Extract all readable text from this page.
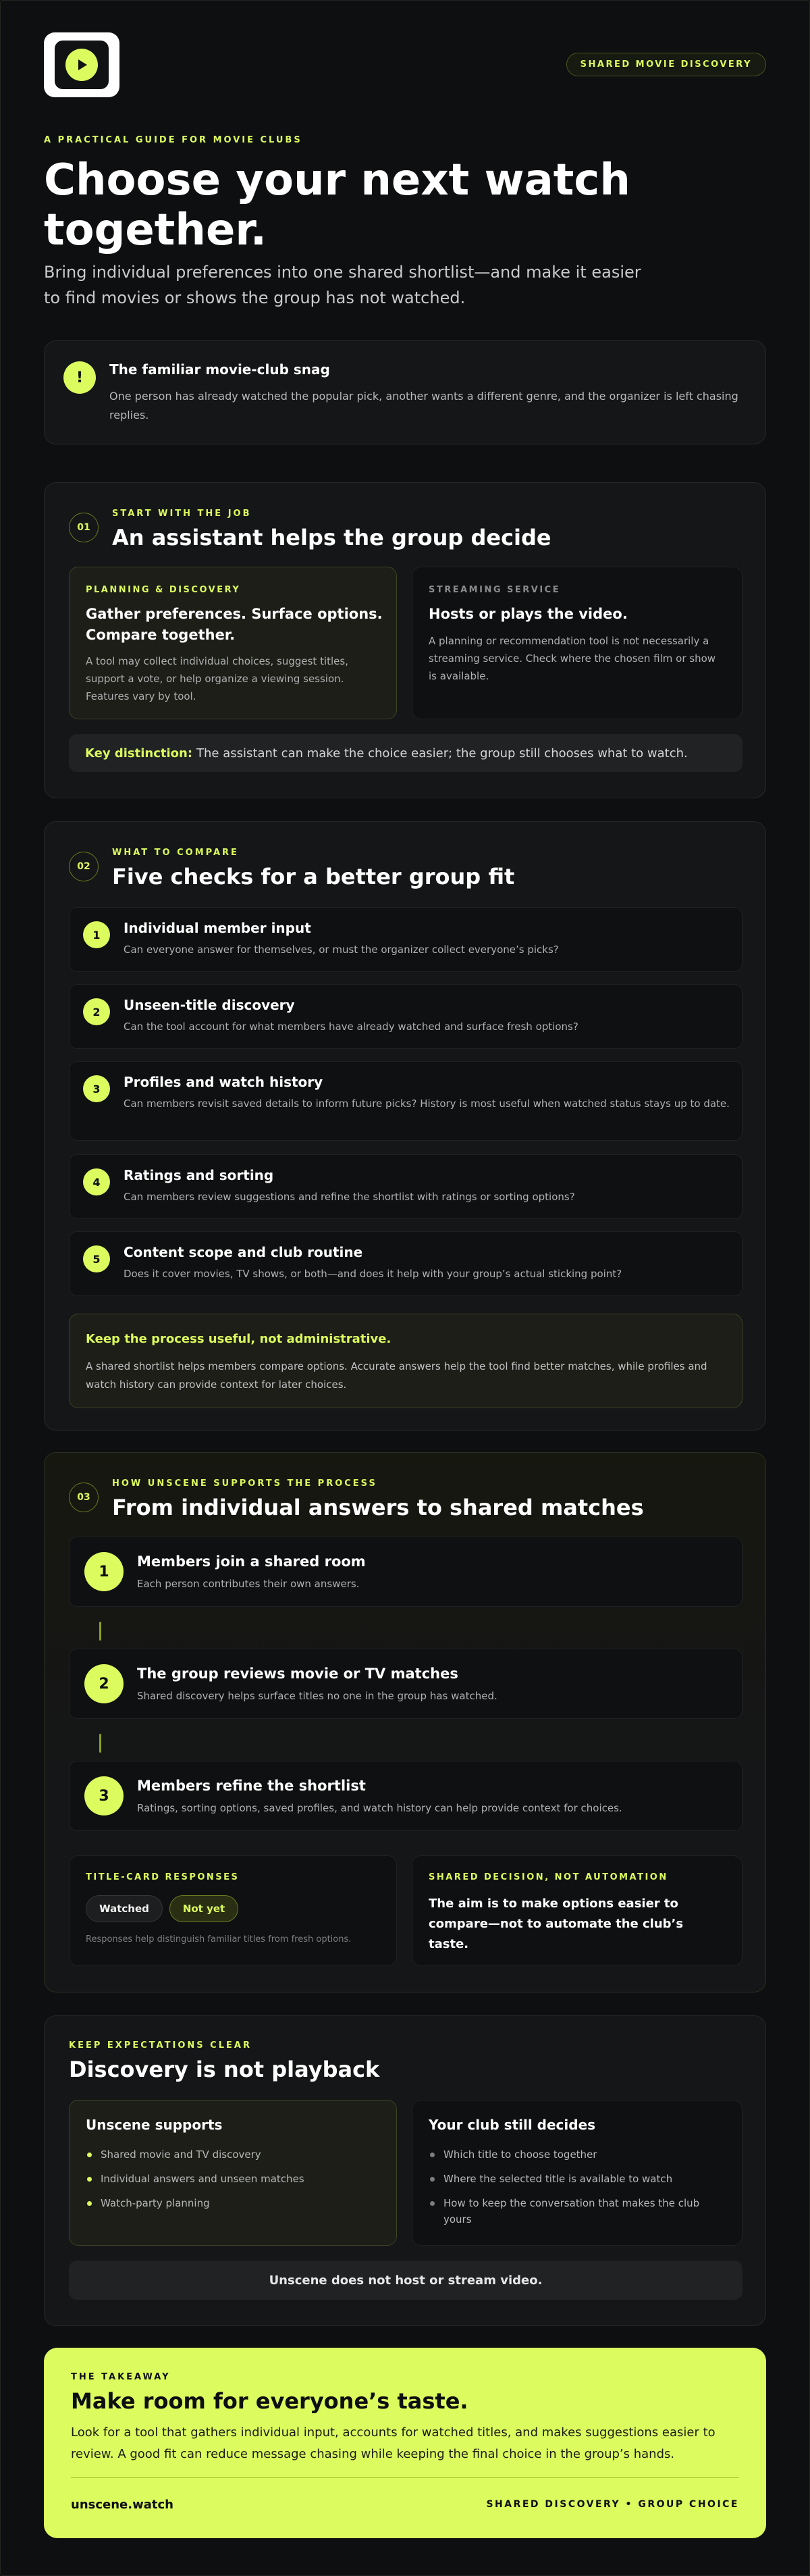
SHARED MOVIE DISCOVERY
A PRACTICAL GUIDE FOR MOVIE CLUBS
Choose your next watch together.
Bring individual preferences into one shared shortlist—and make it easier to find movies or shows the group has not watched.
!	The familiar movie-club snag
One person has already watched the popular pick, another wants a different genre, and the organizer is left chasing replies.
01
START WITH THE JOB
An assistant helps the group decide
PLANNING & DISCOVERY
Gather preferences. Surface options. Compare together.
A tool may collect individual choices, suggest titles, support a vote, or help organize a viewing session. Features vary by tool.
STREAMING SERVICE
Hosts or plays the video.
A planning or recommendation tool is not necessarily a streaming service. Check where the chosen film or show is available.
Key distinction: The assistant can make the choice easier; the group still chooses what to watch.
02
WHAT TO COMPARE
Five checks for a better group fit
1	Individual member input
Can everyone answer for themselves, or must the organizer collect everyone’s picks?
2	Unseen-title discovery
Can the tool account for what members have already watched and surface fresh options?
3	Profiles and watch history
Can members revisit saved details to inform future picks? History is most useful when watched status stays up to date.
4	Ratings and sorting
Can members review suggestions and refine the shortlist with ratings or sorting options?
5	Content scope and club routine
Does it cover movies, TV shows, or both—and does it help with your group’s actual sticking point?
Keep the process useful, not administrative.
A shared shortlist helps members compare options. Accurate answers help the tool find better matches, while profiles and watch history can provide context for later choices.
03
HOW UNSCENE SUPPORTS THE PROCESS
From individual answers to shared matches
1
Members join a shared room
Each person contributes their own answers.
2
The group reviews movie or TV matches
Shared discovery helps surface titles no one in the group has watched.
3
Members refine the shortlist
Ratings, sorting options, saved profiles, and watch history can help provide context for choices.
TITLE-CARD RESPONSES
Watched	Not yet
Responses help distinguish familiar titles from fresh options.
SHARED DECISION, NOT AUTOMATION
The aim is to make options easier to compare—not to automate the club’s taste.
KEEP EXPECTATIONS CLEAR
Discovery is not playback
Unscene supports
Shared movie and TV discovery
Individual answers and unseen matches
Watch-party planning
Your club still decides
Which title to choose together
Where the selected title is available to watch
How to keep the conversation that makes the club yours
Unscene does not host or stream video.
THE TAKEAWAY
Make room for everyone’s taste.
Look for a tool that gathers individual input, accounts for watched titles, and makes suggestions easier to review. A good fit can reduce message chasing while keeping the final choice in the group’s hands.
unscene.watch	SHARED DISCOVERY • GROUP CHOICE
